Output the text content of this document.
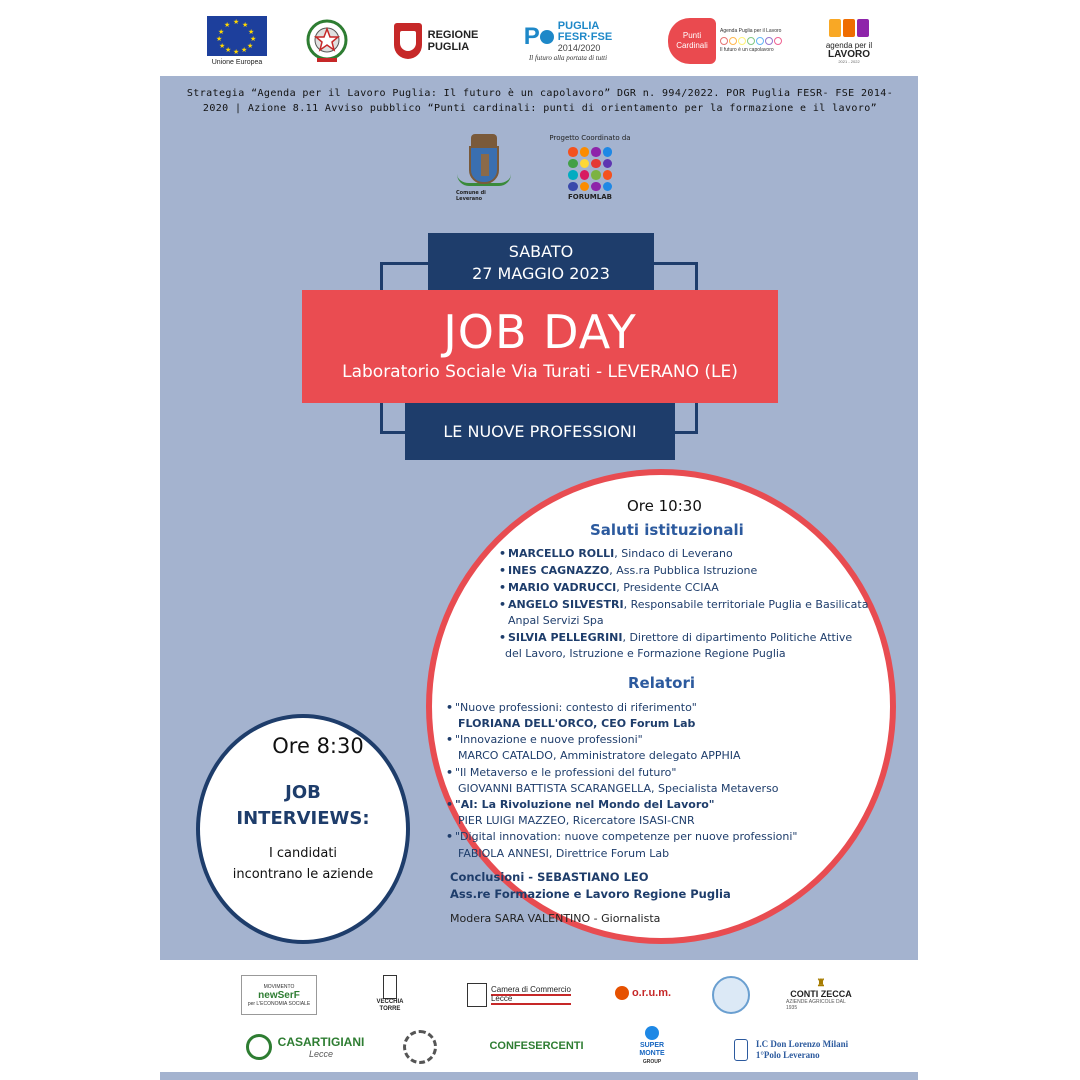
★ ★
★
★
★
★
★
★
★
★
★
★
Unione Europea
REGIONE
PUGLIA	P PUGLIA
FESR·FSE
2014/2020
Il futuro alla portata di tutti
Punti
Cardinali
Agenda Puglia per il Lavoro
Il futuro è un capolavoro
agenda per il
LAVORO
2021 - 2022
Strategia “Agenda per il Lavoro Puglia: Il futuro è un capolavoro” DGR n. 994/2022. POR Puglia FESR- FSE 2014-2020 | Azione 8.11 Avviso pubblico “Punti cardinali: punti di orientamento per la formazione e il lavoro”
Comune di Leverano
Progetto Coordinato da
FORUMLAB
SABATO
27 MAGGIO 2023
JOB DAY

Laboratorio Sociale Via Turati - LEVERANO (LE)

LE NUOVE PROFESSIONI
Ore 10:30
Saluti istituzionali
• MARCELLO ROLLI, Sindaco di Leverano
• INES CAGNAZZO, Ass.ra Pubblica Istruzione
• MARIO VADRUCCI, Presidente CCIAA
• ANGELO SILVESTRI, Responsabile territoriale Puglia e Basilicata
Anpal Servizi Spa
• SILVIA PELLEGRINI, Direttore di dipartimento Politiche Attive
del Lavoro, Istruzione e Formazione Regione Puglia
Relatori
• "Nuove professioni: contesto di riferimento"
FLORIANA DELL'ORCO, CEO Forum Lab
• "Innovazione e nuove professioni"
MARCO CATALDO, Amministratore delegato APPHIA
• "Il Metaverso e le professioni del futuro"
GIOVANNI BATTISTA SCARANGELLA, Specialista Metaverso
• "AI: La Rivoluzione nel Mondo del Lavoro"
PIER LUIGI MAZZEO, Ricercatore ISASI-CNR
• "Digital innovation: nuove competenze per nuove professioni"
FABIOLA ANNESI, Direttrice Forum Lab
Conclusioni - SEBASTIANO LEO
Ass.re Formazione e Lavoro Regione Puglia
Modera SARA VALENTINO - Giornalista
Ore 8:30
JOB
INTERVIEWS:
I candidati
incontrano le aziende
MOVIMENTO
newSerF
per L'ECONOMIA SOCIALE	VECCHIA
TORRE
Camera di Commercio
Lecce	o.r.u.m.
♜
CONTI ZECCA
AZIENDE AGRICOLE DAL 1935
CASARTIGIANI
Lecce
CONFESERCENTI	SUPER
MONTE
GROUP
I.C Don Lorenzo Milani
1°Polo Leverano
